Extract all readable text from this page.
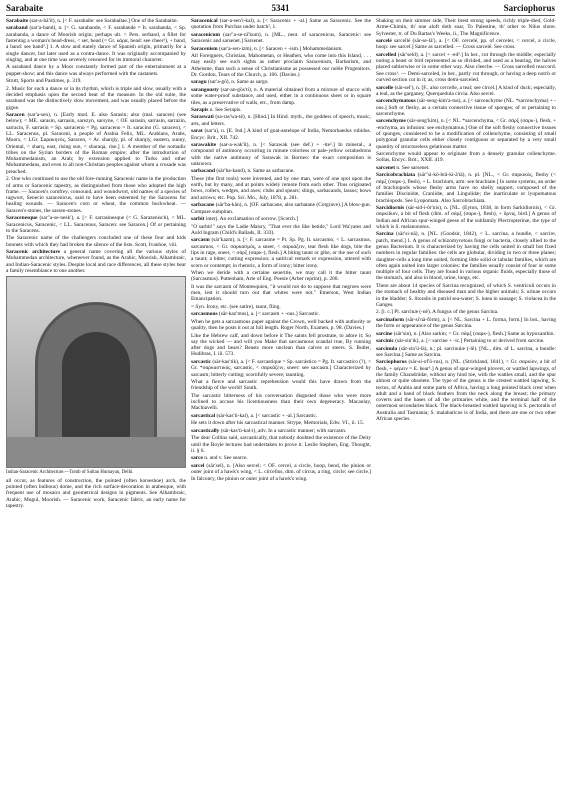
Sarabaite	5341	Sarciophorus

Sarabaite (sar-a-bā′īt), n. [< F. sarabaïte: see Sarabaïtae.] One of the Sarabaitæ.

saraband (sar′a-band), n. [< G. sarabande, < F. sarabande = It. sarabanda, < Sp. zarabanda, a dance of Moorish origin; perhaps ult. < Pers. serband, a fillet for fastening a woman's head-dress, < ser, head (= Gr. κάρα, head: see cheer¹), + band, a band: see band².] 1. A slow and stately dance of Spanish origin, primarily for a single dancer, but later used as a contra-dance. It was originally accompanied by singing, and at one time was severely censured for its immoral character.

A saraband dance by a Moor constantly formed part of the entertainment at a puppet-show; and this dance was always performed with the castanets.

Strutt, Sports and Pastimes, p. 319.

2. Music for such a dance or in its rhythm, which is triple and slow, usually with a decided emphasis upon the second beat of the measure. In the old suite, the saraband was the distinctively slow movement, and was usually placed before the gigue.

Saracen (sar′a-sen), n. [Early mod. E. also Sarasin; also (mal. saracen) (see below); < ME. sarasin, sarrasin, sarezyn, sarsyne, < OF. sarasin, sarrasin, sarrazin, sarracin, F. sarrasin = Sp. sarraceno = Pg. sarraceno = It. saracino (G. saracen), < LL. Saracenus, pl. Saraceni, a people of Arabia Felix, ML. Arabians, Arabs, Moors, < LGr. Σαρακηνός, Saracen, < Ar. sharqīy, pl. of sharqiy, eastern, sunny, Oriental, < sharq, east, rising sun, < sharaqa, rise.] 1. A member of the nomadic tribes on the Syrian borders of the Roman empire; after the introduction of Mohammedanism, an Arab; by extension applied to Turks and other Mohammedans, and even to all non-Christian peoples against whom a crusade was preached.

2. One who continued to use the old fore-running Saracenic name in the production of arms or Saracenic tapestry, as distinguished from those who adopted the high frame. — Saracen's comfrey, consound, and woundwort, old names of a species of ragwort, Senecio saracenicus, said to have been esteemed by the Saracens for healing wounds. — Saracen's corn or wheat, the common buckwheat. — Saracen's-stones, the sarsen-stones.

Saracenesque (sar″a-se-nesk′), a. [< F. sarrasinesque (< G. Sarazenisch), < ML. Saracenicus, Saracenic, < LL. Saracenus, Saracen: see Saracen.] Of or pertaining to the Saracens.

The Saracenic name of the challengers concluded one of these four and kids bonnets with which they had broken the silence of the lists. Scott, Ivanhoe, viii.

Saracenic architecture a general name covering all the various styles of Mohammedan architecture, whereever found, as the Arabic, Moorish, Alhambraic, and Indian-Saracenic styles. Despite local and race differences, all these styles bear a family resemblance to one another.

Indian-Saracenic Architecture.—Tomb of Sultan Humayun, Delhi.
all occur, as features of construction, the pointed (often horseshoe) arch, the pointed (often bulbous) dome, and the rich surface-decoration in arabesque, with frequent use of mosaics and geometrical designs in pigments. See Alhambraic, Arabic, Mogul, Moorish. — Saracenic work, Saracenic fabric, an early name for tapestry.

Saracenical (sar-a-sen′i-kal), a. [< Saracenic + -al.] Same as Saracenic. See the quotation from Purchas under hatch², 1.

saracenicum (sar″a-se-nī′kum), n. [ML., neut. of saracenicus, Saracenic: see Saracenic and sarsenet.] Sarsenet.

Saracenism (sar′a-sen-izm), n. [< Saracen + -ism.] Mohammedanism.

All Foreigners, Christian, Mahometan, or Heathen, who come into this Island, . . . may easily see such sights as rather proclaim Saracenism, Barbarism, and Atheisme, than such a sense of Christianisme as possessed our noble Progenitors. Dr. Gordon, Tears of the Church, p. 166. (Davies.)

saragu (sar′a-gö), n. Same as sargo.

sarangousty (sar-an-gös′ti), n. A material obtained from a mixture of stucco with some water-proof substance, and used, either in a continuous sheet or in square tiles, as a preservative of walls, etc., from damp.

Sarapis n. See Serapis.

Saraswati (sa-ras′wa-tē), n. [Hind.] In Hind. myth., the goddess of speech, music, arts, and letters.

sarat (sar′a), n. [E. Ind.] A kind of goat-antelope of India, Nemorhaedus rubidus. Encyc. Brit., XII. 742.

sarawakite (sar-a-wak′īt), n. [< Sarawak (see def.) + -ite².] In mineral., a compound of antimony occurring in minute colorless or pale-yellow octahedrons with the native antimony of Sarawak in Borneo: the exact composition is unknown.

sarbacand (sär′ba-kand), n. Same as sarbacane.

These (the first tools) were invented, and by one man, were of one spot upon the earth, but by many, and at points widely remote from each other. Thus originated bows, rollers, wedges, and axes; clubs and spears; slings, sarbacands, lassos; bows and arrows; etc. Pop. Sci. Mo., July, 1878, p. 281.

sarbacane (sär′ba-kān), n. [OF. sarbacane, also sarbatane (Cotgrave).] A blow-gun. Compare sumpitan.

sarbit interj. An exclamation of sorrow. [Scotch.]

"O sarbit!" says the Ladie Maisry, "That ever the like betide," Lord Wa'yates and Auld Ingram (Child's Ballads, II. 333).

sarcasm (sär′kazm), n. [< F. sarcasme = Pr. Sp. Pg. It. sarcasmo, < L. sarcasmus, sarcasmos, < Gr. σαρκασμός, a sneer, < σαρκάζειν, tear flesh like dogs, bite the lips in rage, sneer, < σάρξ (σαρκ-), flesh.] A biting taunt or gibe, or the use of such a taunt; a bitter, cutting expression; a satirical remark or expression, uttered with scorn or contempt; in rhetoric, a form of irony; bitter irony.

When we deride with a certaine seueritie, we may call it the bitter taunt (Sarcasmus). Puttenham, Arte of Eng. Poesie (Arber reprint), p. 200.

It was the sarcasm of Montesquieu, "it would not do to suppose that negroes were men, lest it should turn out that whites were not." Emerson, West Indian Emancipation.

= Syn. Irony, etc. (see satire), taunt, fling.

sarcasmous (sär-kaz′mus), a. [< sarcasm + -ous.] Sarcastic.

When he gets a sarcasmous paper against the Crown, well backed with authority or quality, then he posts it out at full length. Roger North, Examen, p. 98. (Davies.)

Like the Hebrew calf, and down before it The saints fell prostrate, to adore it; So say the wicked — and will you Make that sarcasmous scandal true, By running after dogs and bears? Beasts more unclean than calves or steers. S. Butler, Hudibras, I. iii. 573.

sarcastic (sär-kas′tik), a. [< F. sarcastique = Sp. sarcástico = Pg. It. sarcastico (?), < Gr. *σαρκαστικός, sarcastic, < σαρκάζειν, sneer: see sarcasm.] Characterized by sarcasm; bitterly cutting; scornfully severe; taunting.

What a fierce and sarcastic reprehension would this have drawn from the friendship of the world! South.

The sarcastic bitterness of his conversation disgusted those who were more inclined to accuse his licentiousness than their own degeneracy. Macaulay, Machiavelli.

sarcastical (sär-kas′ti-kal), a. [< sarcastic + -al.] Sarcastic.

He sets it down after his sarcastical manner. Strype, Memorials, Edw. VI., ii. 15.

sarcastically (sär-kas′ti-kal-i), adv. In a sarcastic manner; with sarcasm.

The dear Collins said, sarcastically, that nobody doubted the existence of the Deity until the Boyle lectures had undertaken to prove it. Leslie Stephen, Eng. Thought, ii. § 6.

sarce n. and v. See searce.

sarcel (sär′sel), n. [Also sercel; < OF. cercel, a circle, hoop, bend, the pinion or outer joint of a hawk's wing, < L. circellus, dim. of circus, a ring, circle; see circle.] In falconry, the pinion or outer joint of a hawk's wing.

Shaking on their simmer side, Their brest strong speeds, richly triple-died, Gold-Arme-Chimin, th' one aloft doth soar, To Palestine, th' other to Nilus shore. Sylvester, tr. of Du Bartas's Weeks, ii., The Magnificence.

sarcelé sarcellé (sär-se-lā′), a. [< OF. cercelé, pp. of cerceler, < cercel, a circle, hoop: see sarcel.] Same as sarcelled. — Cross sarcelé. See cross.

sarcelled (sär′seld), a. [< sarcel + -ed².] In her., cut through the middle; especially noting a beast or bird represented as so divided, and used as a bearing, the halves placed saltierwise or in some other way. Also cleeche. — Cross sarcelled reaccord. See cross¹. — Demi-sarceled, in her., partly cut through, or having a deep notch or curved section cut in it; as, cross demi-sarceled.

sarcelle (sär-sel′), n. [F., also cercelle, a teal; see circel.] A kind of duck; especially, a teal, as the garganey, Querquedula circia. Also sercel.

sarcenchymatous (sär-seng-kim′a-tus), a. [< sarcenchyme (NL. *sarcenchyma) + -ous.] Soft or fleshy, as a certain connective tissue of sponges; of or pertaining to sarcenchyme.

sarcenchyme (sär-seng′kim), n. [< NL. *sarcenchyma, < Gr. σάρξ (σαρκ-), flesh, + -enchyma, an infusion: see enchymatous.] One of the soft fleshy connective tissues of sponges, considered to be a modification of collenchyme, consisting of small polygonal granular cells either closely contiguous or separated by a very small quantity of structureless gelatinous matter.

Sarcenchyme would appear to originate from a densely granular collenchyme. Sollas, Encyc. Brit., XXII. 419.

sarcenet n. See sarsenet.

Sarcicobrachiata (sär″si-kō-brā-ki-ā′tä), n. pl. [NL., < Gr. σαρκικός, fleshy (< σάρξ (σαρκ-), flesh), + L. brachium, arm: see brachiate.] In some systems, an order of brachiopods whose fleshy arms have no shelly support, composed of the families Discinidæ, Craniidæ, and Lingulidæ; the inarticulate or lyopomatous brachiopods. See Lyopomata. Also Sarcobrachiata.

Sarcidiornis (sär-sid-i-ôr′nis), n. [NL. (Eyton, 1838, in form Sarkidiornis), < Gr. σαρκίδιον, a bit of flesh (dim. of σάρξ (σαρκ-), flesh), + ὄρνις, bird.] A genus of Indian and African spur-winged geese of the subfamily Plectropterinæ, the type of which is S. melanonotus.

Sarcina (sär′si-nä), n. [NL. (Goodsir, 1842), < L. sarcina, a bundle, < sarcire, patch, mend.] 1. A genus of schizomycetous fungi or bacteria, closely allied to the genus Bacterium. It is characterized by having the cells united in small but fixed numbers in regular families: the cells are globular, dividing in two or three planes; daughter-cells a long time united, forming little solid or tabular families, which are often again united into larger colonies: the families usually consist of four or some multiple of four cells. They are found in various organic fluids, especially those of the stomach, and also in blood, urine, lungs, etc.

There are about 14 species of Sarcina recognized, of which S. ventriculi occurs in the stomach of healthy and diseased man and the higher animals; S. urinae occurs in the bladder; S. litoralis in putrid sea-water; S. lutea in sausage; S. violacea in the Ganges.

2. [l. c.] Pl. sarcinæ (-nē). A fungus of the genus Sarcina.

sarcinaform (sär-si′nä-fôrm), a. [< NL. Sarcina + L. forma, form.] In bot., having the form or appearance of the genus Sarcina.

sarcine (sär′sin), n. [Also sarkin; < Gr. σάρξ (σαρκ-), flesh.] Same as hypoxanthin.

sarcinic (sär-sin′ik), a. [< sarcine + -ic.] Pertaining to or derived from sarcine.

sarcinula (sär-sin′ū-lä), n.; pl. sarcinulæ (-lē). [NL., dim. of L. sarcina, a bundle: see Sarcina.] Same as Sarcina.

Sarciophorus (sär-si-of′ō-rus), n. [NL. (Strickland, 1841), < Gr. σαρκίον, a bit of flesh, + φέρειν = E. bear¹.] A genus of spur-winged plovers, or wattled lapwings, of the family Charadriidæ, without any hind toe, with the wattles small, and the spur almost or quite obsolete. The type of the genus is the crested wattled lapwing, S. tectus, of Arabia and some parts of Africa, having a long pointed black crest when adult and a band of black feathers from the neck along the breast; the primary coverts and the bases of all the primaries white, and the terminal half of the outermost secondaries black. The black-breasted wattled lapwing is S. pectoralis of Australia and Tasmania; S. malabaricus is of India, and there are one or two other African species.
